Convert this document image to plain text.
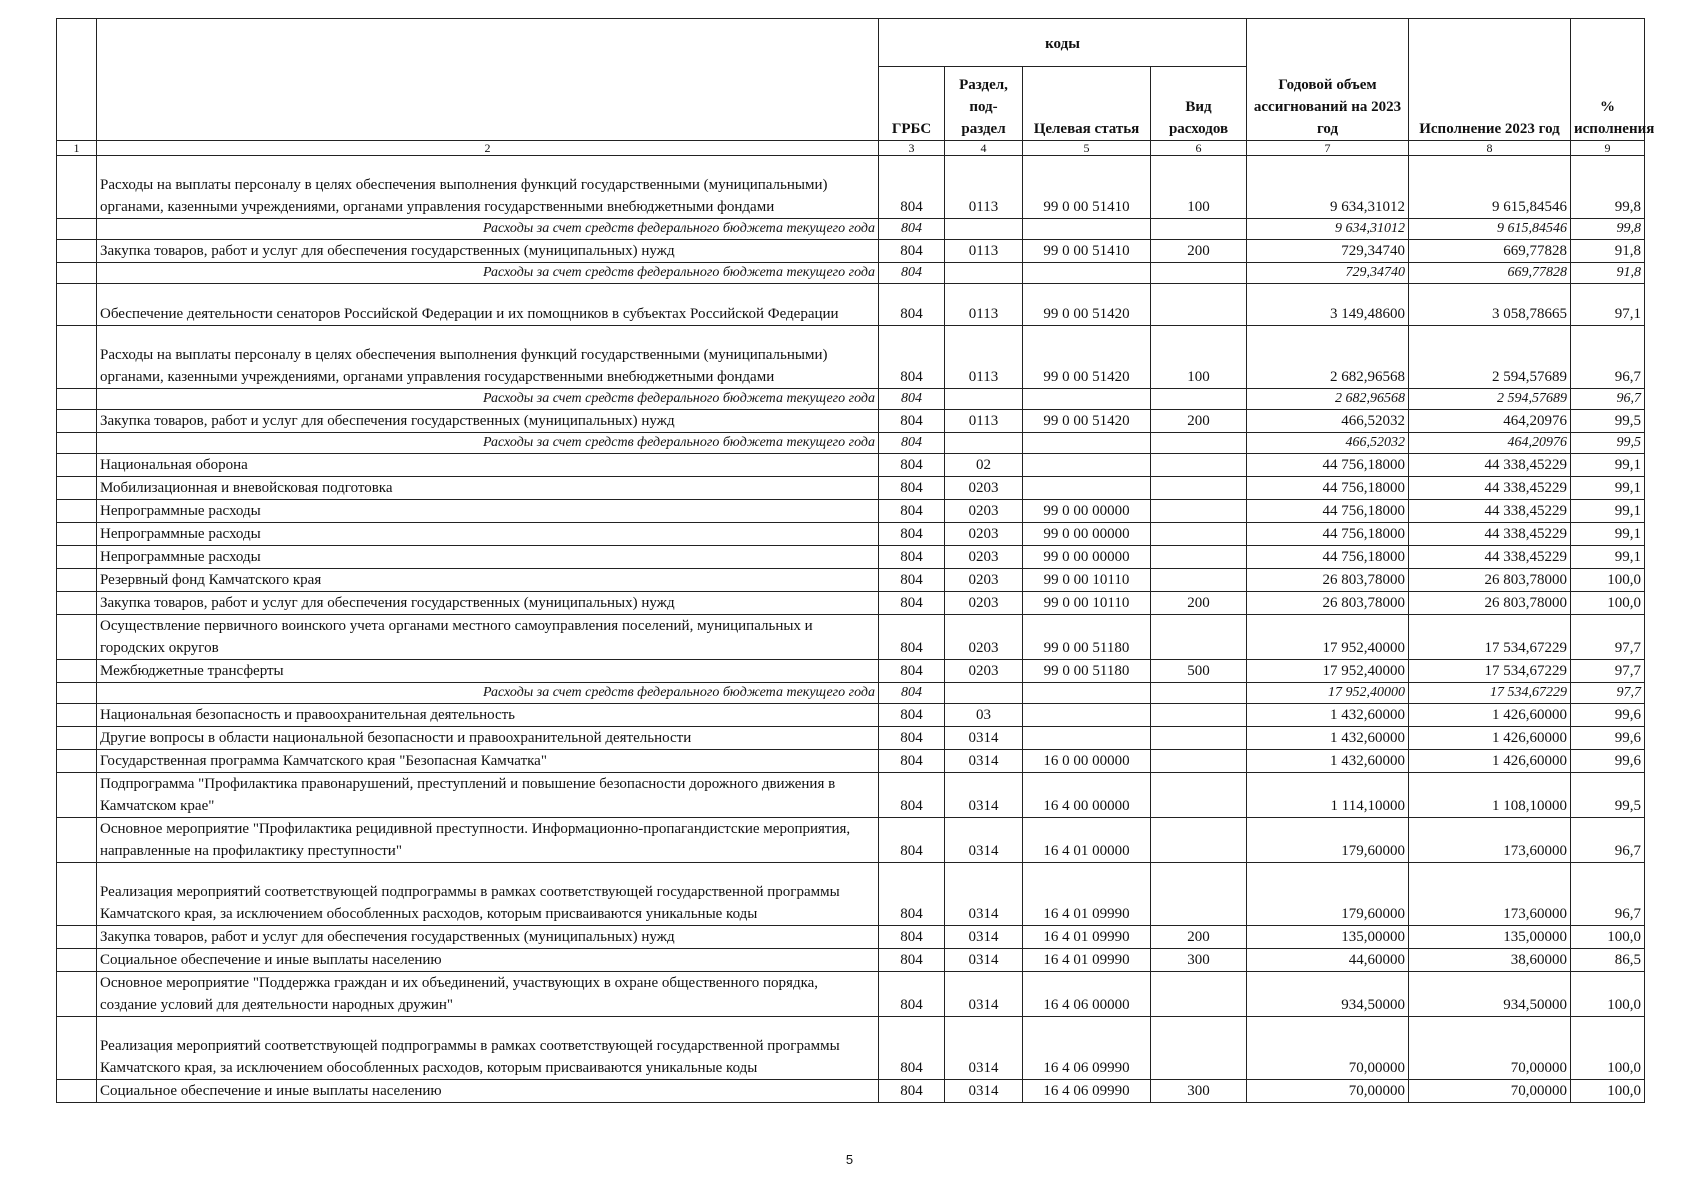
		коды				Годовой объем ассигнований на 2023 год	Исполнение 2023 год	% исполнения
		ГРБС	Раздел, под-раздел	Целевая статья	Вид расходов			
1	2	3	4	5	6	7	8	9
	Расходы на выплаты персоналу в целях обеспечения выполнения функций государственными (муниципальными) органами, казенными учреждениями, органами управления государственными внебюджетными фондами	804	0113	99 0 00 51410	100	9 634,31012	9 615,84546	99,8
	Расходы за счет средств федерального бюджета текущего года	804				9 634,31012	9 615,84546	99,8
	Закупка товаров, работ и услуг для обеспечения государственных (муниципальных) нужд	804	0113	99 0 00 51410	200	729,34740	669,77828	91,8
	Расходы за счет средств федерального бюджета текущего года	804				729,34740	669,77828	91,8
	Обеспечение деятельности сенаторов Российской Федерации и их помощников в субъектах Российской Федерации	804	0113	99 0 00 51420		3 149,48600	3 058,78665	97,1
	Расходы на выплаты персоналу в целях обеспечения выполнения функций государственными (муниципальными) органами, казенными учреждениями, органами управления государственными внебюджетными фондами	804	0113	99 0 00 51420	100	2 682,96568	2 594,57689	96,7
	Расходы за счет средств федерального бюджета текущего года	804				2 682,96568	2 594,57689	96,7
	Закупка товаров, работ и услуг для обеспечения государственных (муниципальных) нужд	804	0113	99 0 00 51420	200	466,52032	464,20976	99,5
	Расходы за счет средств федерального бюджета текущего года	804				466,52032	464,20976	99,5
	Национальная оборона	804	02			44 756,18000	44 338,45229	99,1
	Мобилизационная и вневойсковая подготовка	804	0203			44 756,18000	44 338,45229	99,1
	Непрограммные расходы	804	0203	99 0 00 00000		44 756,18000	44 338,45229	99,1
	Непрограммные расходы	804	0203	99 0 00 00000		44 756,18000	44 338,45229	99,1
	Непрограммные расходы	804	0203	99 0 00 00000		44 756,18000	44 338,45229	99,1
	Резервный фонд Камчатского края	804	0203	99 0 00 10110		26 803,78000	26 803,78000	100,0
	Закупка товаров, работ и услуг для обеспечения государственных (муниципальных) нужд	804	0203	99 0 00 10110	200	26 803,78000	26 803,78000	100,0
	Осуществление первичного воинского учета органами местного самоуправления поселений, муниципальных и городских округов	804	0203	99 0 00 51180		17 952,40000	17 534,67229	97,7
	Межбюджетные трансферты	804	0203	99 0 00 51180	500	17 952,40000	17 534,67229	97,7
	Расходы за счет средств федерального бюджета текущего года	804				17 952,40000	17 534,67229	97,7
	Национальная безопасность и правоохранительная деятельность	804	03			1 432,60000	1 426,60000	99,6
	Другие вопросы в области национальной безопасности и правоохранительной деятельности	804	0314			1 432,60000	1 426,60000	99,6
	Государственная программа Камчатского края "Безопасная Камчатка"	804	0314	16 0 00 00000		1 432,60000	1 426,60000	99,6
	Подпрограмма "Профилактика правонарушений, преступлений и повышение безопасности дорожного движения в Камчатском крае"	804	0314	16 4 00 00000		1 114,10000	1 108,10000	99,5
	Основное мероприятие "Профилактика рецидивной преступности. Информационно-пропагандистские мероприятия, направленные на профилактику преступности"	804	0314	16 4 01 00000		179,60000	173,60000	96,7
	Реализация мероприятий соответствующей подпрограммы в рамках соответствующей государственной программы Камчатского края, за исключением обособленных расходов, которым присваиваются уникальные коды	804	0314	16 4 01 09990		179,60000	173,60000	96,7
	Закупка товаров, работ и услуг для обеспечения государственных (муниципальных) нужд	804	0314	16 4 01 09990	200	135,00000	135,00000	100,0
	Социальное обеспечение и иные выплаты населению	804	0314	16 4 01 09990	300	44,60000	38,60000	86,5
	Основное мероприятие "Поддержка граждан и их объединений, участвующих в охране общественного порядка, создание условий для деятельности народных дружин"	804	0314	16 4 06 00000		934,50000	934,50000	100,0
	Реализация мероприятий соответствующей подпрограммы в рамках соответствующей государственной программы Камчатского края, за исключением обособленных расходов, которым присваиваются уникальные коды	804	0314	16 4 06 09990		70,00000	70,00000	100,0
	Социальное обеспечение и иные выплаты населению	804	0314	16 4 06 09990	300	70,00000	70,00000	100,0
5
